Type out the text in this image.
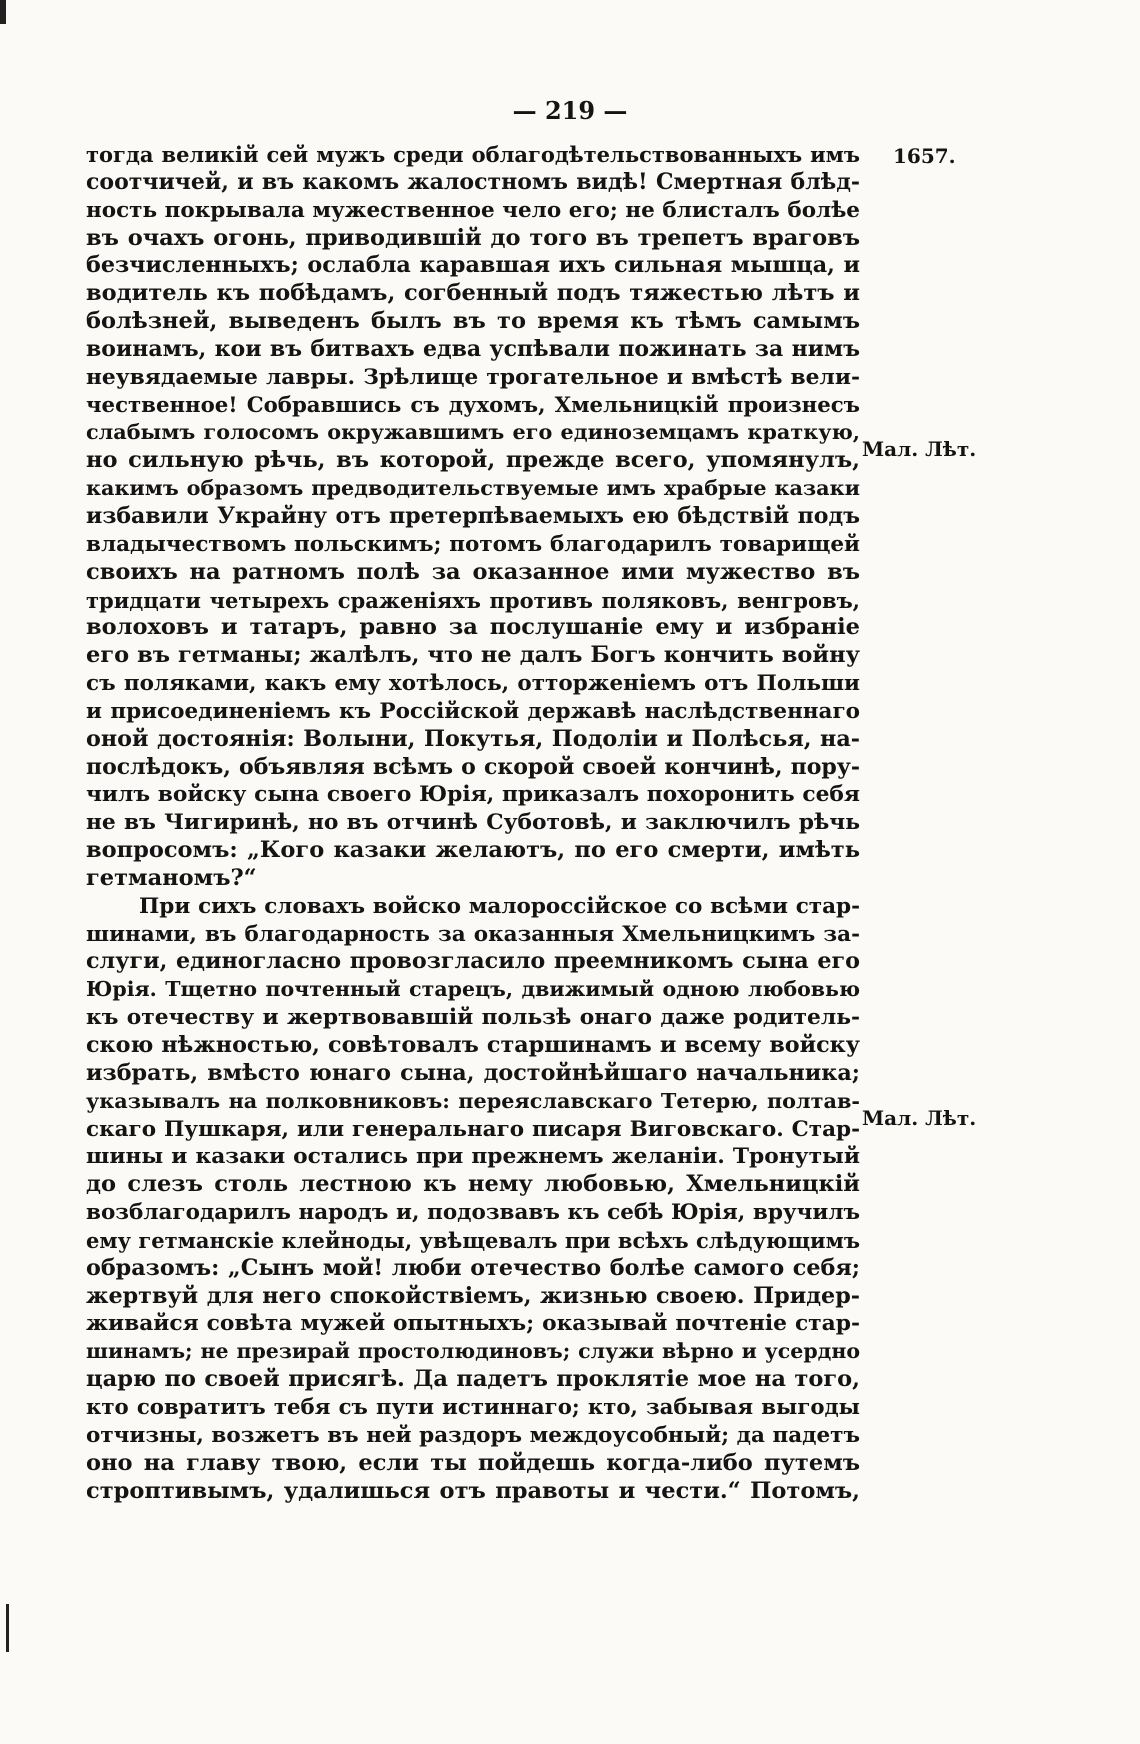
— 219 —
1657.
Мал. Лѣт.
Мал. Лѣт.
тогда великій сей мужъ среди облагодѣтельствованныхъ имъ
соотчичей, и въ какомъ жалостномъ видѣ! Смертная блѣд-
ность покрывала мужественное чело его; не блисталъ болѣе
въ очахъ огонь, приводившій до того въ трепетъ враговъ
безчисленныхъ; ослабла каравшая ихъ сильная мышца, и
водитель къ побѣдамъ, согбенный подъ тяжестью лѣтъ и
болѣзней, выведенъ былъ въ то время къ тѣмъ самымъ
воинамъ, кои въ битвахъ едва успѣвали пожинать за нимъ
неувядаемые лавры. Зрѣлище трогательное и вмѣстѣ вели-
чественное! Собравшись съ духомъ, Хмельницкій произнесъ
слабымъ голосомъ окружавшимъ его единоземцамъ краткую,
но сильную рѣчь, въ которой, прежде всего, упомянулъ,
какимъ образомъ предводительствуемые имъ храбрые казаки
избавили Украйну отъ претерпѣваемыхъ ею бѣдствій подъ
владычествомъ польскимъ; потомъ благодарилъ товарищей
своихъ на ратномъ полѣ за оказанное ими мужество въ
тридцати четырехъ сраженіяхъ противъ поляковъ, венгровъ,
волоховъ и татаръ, равно за послушаніе ему и избраніе
его въ гетманы; жалѣлъ, что не далъ Богъ кончить войну
съ поляками, какъ ему хотѣлось, отторженіемъ отъ Польши
и присоединеніемъ къ Россійской державѣ наслѣдственнаго
оной достоянія: Волыни, Покутья, Подоліи и Полѣсья, на-
послѣдокъ, объявляя всѣмъ о скорой своей кончинѣ, пору-
чилъ войску сына своего Юрія, приказалъ похоронить себя
не въ Чигиринѣ, но въ отчинѣ Суботовѣ, и заключилъ рѣчь
вопросомъ: „Кого казаки желаютъ, по его смерти, имѣть
гетманомъ?“
При сихъ словахъ войско малороссійское со всѣми стар-
шинами, въ благодарность за оказанныя Хмельницкимъ за-
слуги, единогласно провозгласило преемникомъ сына его
Юрія. Тщетно почтенный старецъ, движимый одною любовью
къ отечеству и жертвовавшій пользѣ онаго даже родитель-
скою нѣжностью, совѣтовалъ старшинамъ и всему войску
избрать, вмѣсто юнаго сына, достойнѣйшаго начальника;
указывалъ на полковниковъ: переяславскаго Тетерю, полтав-
скаго Пушкаря, или генеральнаго писаря Виговскаго. Стар-
шины и казаки остались при прежнемъ желаніи. Тронутый
до слезъ столь лестною къ нему любовью, Хмельницкій
возблагодарилъ народъ и, подозвавъ къ себѣ Юрія, вручилъ
ему гетманскіе клейноды, увѣщевалъ при всѣхъ слѣдующимъ
образомъ: „Сынъ мой! люби отечество болѣе самого себя;
жертвуй для него спокойствіемъ, жизнью своею. Придер-
живайся совѣта мужей опытныхъ; оказывай почтеніе стар-
шинамъ; не презирай простолюдиновъ; служи вѣрно и усердно
царю по своей присягѣ. Да падетъ проклятіе мое на того,
кто совратитъ тебя съ пути истиннаго; кто, забывая выгоды
отчизны, возжетъ въ ней раздоръ междоусобный; да падетъ
оно на главу твою, если ты пойдешь когда-либо путемъ
строптивымъ, удалишься отъ правоты и чести.“ Потомъ,
